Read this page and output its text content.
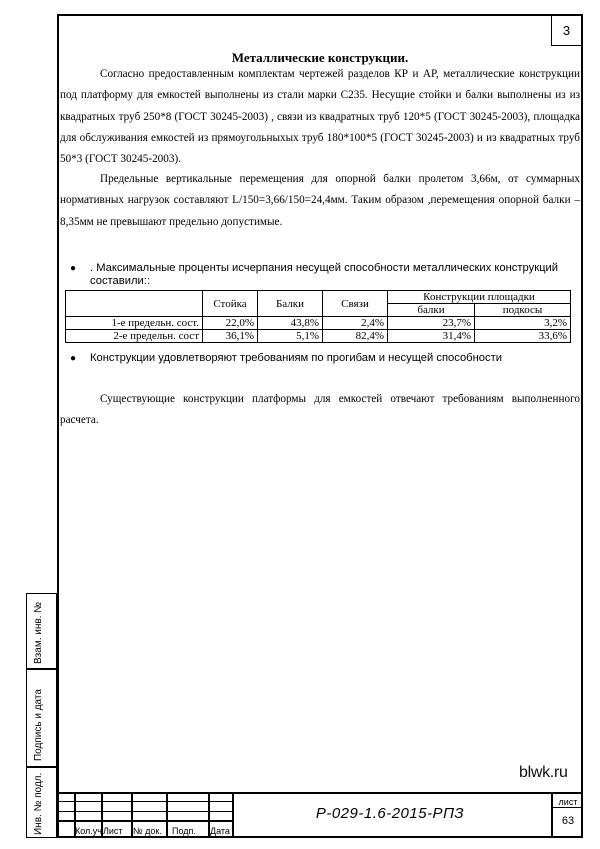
3
Металлические конструкции.
Согласно предоставленным комплектам чертежей разделов КР и АР, металлические конструкции под платформу для емкостей выполнены из стали марки С235. Несущие стойки и балки выполнены из из квадратных труб 250*8 (ГОСТ 30245-2003) , связи из квадратных труб 120*5 (ГОСТ 30245-2003), площадка для обслуживания емкостей из прямоугольныхых труб 180*100*5 (ГОСТ 30245-2003) и из квадратных труб 50*3 (ГОСТ 30245-2003).
Предельные вертикальные перемещения для опорной балки пролетом 3,66м, от суммарных нормативных нагрузок составляют L/150=3,66/150=24,4мм. Таким образом ,перемещения опорной балки – 8,35мм не превышают предельно допустимые.
● . Максимальные проценты исчерпания несущей способности металлических конструкций составили::
	Стойка	Балки	Связи	Конструкции площадки	
				балки	подкосы
1-е предельн. сост.	22,0%	43,8%	2,4%	23,7%	3,2%
2-е предельн. сост	36,1%	5,1%	82,4%	31,4%	33,6%
● Конструкции удовлетворяют требованиям по прогибам и несущей способности
Существующие конструкции платформы для емкостей отвечают требованиям выполненного расчета.
blwk.ru
Кол.уч Лист № док. Подп. Дата
Р-029-1.6-2015-РПЗ
лист
63
Взам. инв. №
Подпись и дата
Инв. № подл.
